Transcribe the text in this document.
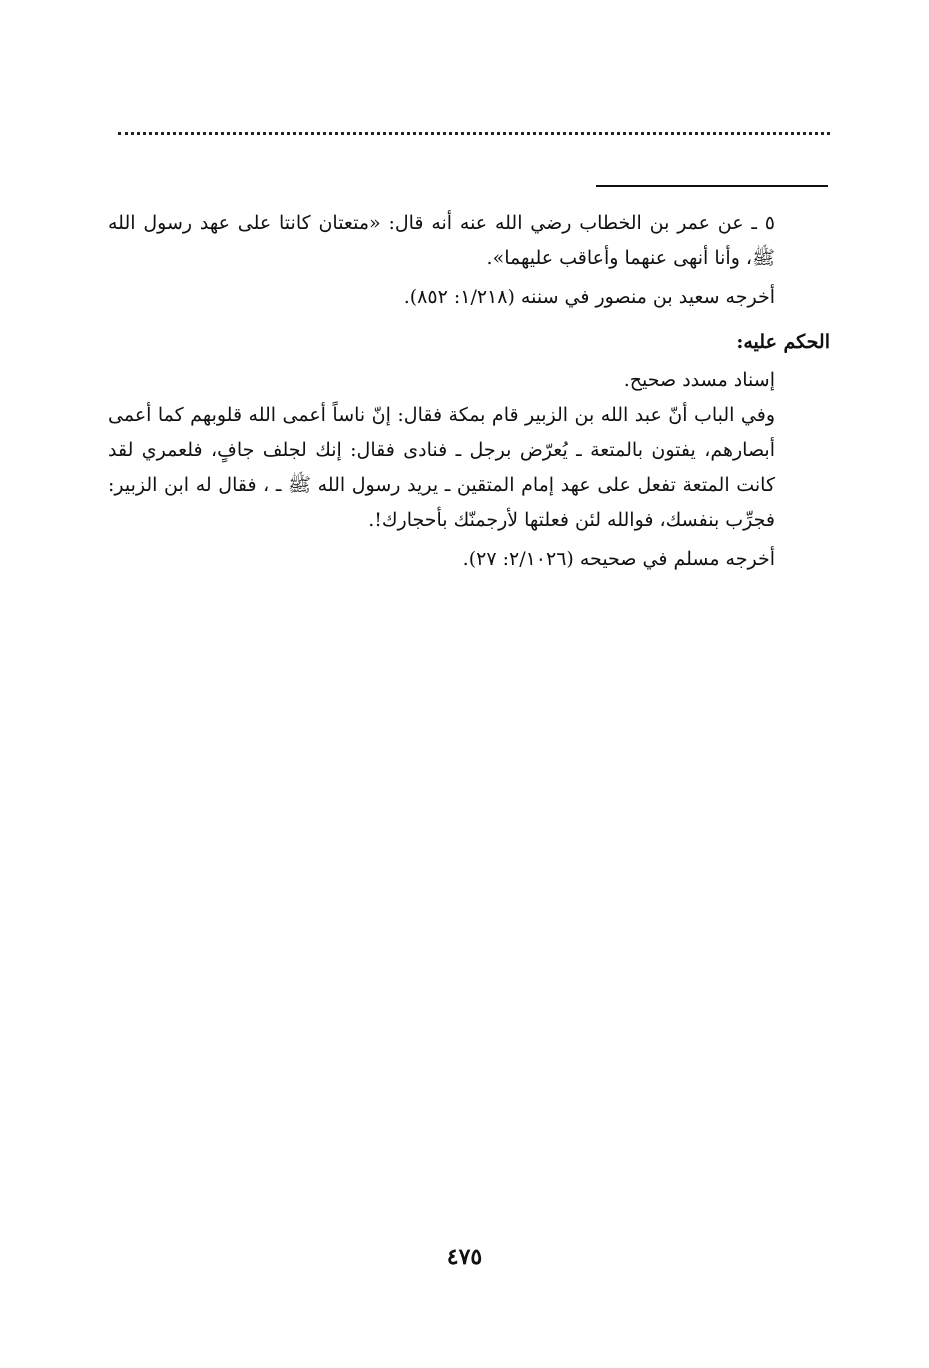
٥ ـ عن عمر بن الخطاب رضي الله عنه أنه قال: «متعتان كانتا على عهد رسول الله ﷺ، وأنا أنهى عنهما وأعاقب عليهما».

أخرجه سعيد بن منصور في سننه (١/٢١٨: ٨٥٢).

الحكم عليه:

إسناد مسدد صحيح.

وفي الباب أنّ عبد الله بن الزبير قام بمكة فقال: إنّ ناساً أعمى الله قلوبهم كما أعمى أبصارهم، يفتون بالمتعة ـ يُعرّض برجل ـ فنادى فقال: إنك لجلف جافٍ، فلعمري لقد كانت المتعة تفعل على عهد إمام المتقين ـ يريد رسول الله ﷺ ـ ، فقال له ابن الزبير: فجرِّب بنفسك، فوالله لئن فعلتها لأرجمنّك بأحجارك!.

أخرجه مسلم في صحيحه (٢/١٠٢٦: ٢٧).

٤٧٥
